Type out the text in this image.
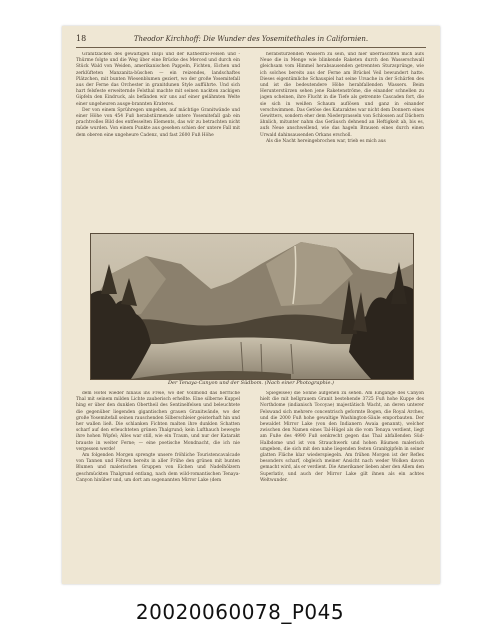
18	Theodor Kirchhoff: Die Wunder des Yosemitethales in Californien.

Granitzacken des gewaltigen Inspi und der Kathedral-Felsen und -Thürme folgte und die Weg über eine Brücke des Merced und durch ein Stück Wald von Weiden, amerikanischen Pappeln, Fichten, Eichen und zerklüfteten Manzanita-büschen — ein reizendes, landschaftes Plätzchen, mit bunten Wiesenblumen geziert, wo der große Yosemitefall aus der Ferne das Orchester in granitdunen Style aufführte. Und sich hart felsfeste erweiternde Felsthal machte mit seinen nackten zackigen Gipfeln den Eindruck, als befänden wir uns auf einer gelähmten Welte einer ungeheuren ausge-brannten Krateres.

Der von einem Sprühregen umgeben, auf mächtige Granitwände und einer Höhe von 454 Fuß herabstürmende untere Yosemitefall gab ein prachtvolles Bild des entfesselten Elements, das wir zu betrachten nicht müde wurden. Von einem Punkte aus gesehen schien der untere Fall mit dem oberen eine ungeheure Cadenz, und fast 2600 Fuß Höhe

herabstürzenden Wassern zu sein, und hier überraschten mich aufs Neue die in Menge wie blinkende Raketen durch den Wasserschwall gleichsam vom Himmel herabsausenden getrennten Sturzsprünge, wie ich solches bereits aus der Ferne am Brückel Veil bewundert hatte. Dieses eigentümliche Schauspiel hat seine Ursache in der Schärfen des und ist die bedeutendere Höhe herabfallenden Wassers. Beim Herunterstürzen sehen jene Raketenströme, die einander schnellen zu jagen scheinen, ihre Flucht in die Tiefe als getrennte Cascaden fort, die sie sich in weißen Schaum auflösen und ganz in einander verschwimmen. Das Getöse des Kataraktes war nicht dem Donnern eines Gewitters, sondern eher dem Niederprasseln von Schlossen auf Dächern ähnlich, mitunter nahm das Geräusch dehnend an Heftigkeit ab, bis es, aufs Neue anschwellend, wie das hageln Brausen eines durch einen Urwald dahinsausenden Orkans erscholl.

Als die Nacht hereingebrochen war, trieb es mich aus

Der Tenaya-Canyon und der Südbom. (Nach einer Photographie.)

dem Hotel wieder hinaus ins Freie, wo der Vollmond das herrliche Thal mit seinem milden Lichte zauberisch erhellte. Eine silberne Kuppel hing er über den dunklen Obertheil des Sentinelfelsen und beleuchtete die gegenüber liegenden gigantischen grauen Granitwände, wo der große Yosemitefall seinen rauschenden Silberschleier geisterhaft hin und her wallen ließ. Die schlanken Fichten malten ihre dunklen Schatten scharf auf den erleuchteten grünen Thalgrund; kein Lufthauch bewegte ihre hohen Wipfel; Alles war still, wie ein Traum, und nur der Katarakt brauste in weiter Ferne; — eine poetische Mondnacht, die ich nie vergessen werde!

Am folgenden Morgen sprengte unsere fröhliche Touristencavalcade von Tannen und Föhren bereits in aller Frühe den grünen mit bunten Blumen und malerischen Gruppen von Eichen und Nadelhölzern geschmückten Thalgrund entlang, nach dem wild-romantischen Tenaya-Canyon hinüber und, um dort am sogenannten Mirror Lake (dem

Spiegelsee) die Sonne aufgehen zu sehen. Am Eingange des Canyon hielt die mit hellgrauem Granit bestehende 3725 Fuß hohe Kuppe des Northdome (indianisch Tocoyae) majestätisch Wacht, an deren unterer Felswand sich mehrere concentrisch geformte Bogen, die Royal Arches, und die 2000 Fuß hohe gewaltige Washington-Säule emporbauten. Der bewaldet Mirror Lake (von den Indianern Awaia genannt), welcher zwischen den Namen eines Tal-Hügel als die vom Tenaya verdient, liegt am Fuße des 4990 Fuß senkrecht gegen das Thal abfallenden Süd-Halbdome und ist von Strauchwerk und hohen Bäumen malerisch umgeben, die sich mit den nahe liegenden festen Granitgipfeln in seiner glatten Fläche klar wiederspiegeln. Am frühen Morgen ist der Reflex besonders scharf, obgleich meiner Ansicht nach weder Wolken davon gemacht wird, als er verdient. Die Amerikaner lieben aber den Allem den Superlativ, und auch der Mirror Lake gilt ihnen als ein achtes Weltwunder.

20020060078_P045
